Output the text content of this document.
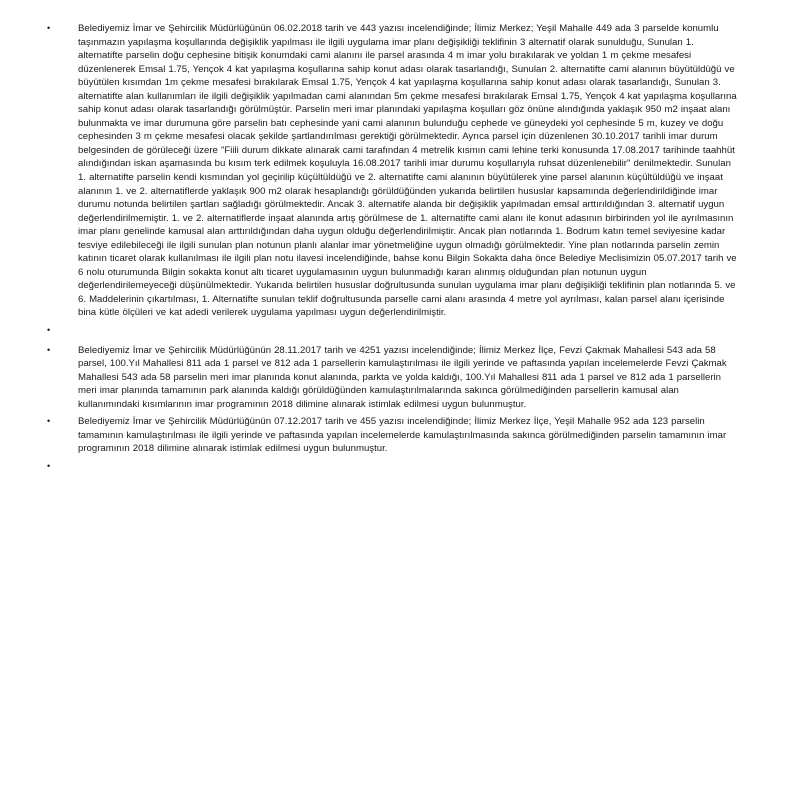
•	Belediyemiz İmar ve Şehircilik Müdürlüğünün 06.02.2018 tarih ve 443 yazısı incelendiğinde; İlimiz Merkez; Yeşil Mahalle 449 ada 3 parselde konumlu taşınmazın yapılaşma koşullarında değişiklik yapılması ile ilgili uygulama imar planı değişikliği teklifinin 3 alternatif olarak sunulduğu, Sunulan 1. alternatifte parselin doğu cephesine bitişik konumdaki cami alanını ile parsel arasında 4 m imar yolu bırakılarak ve yoldan 1 m çekme mesafesi düzenlenerek Emsal 1.75, Yençok 4 kat yapılaşma koşullarına sahip konut adası olarak tasarlandığı, Sunulan 2. alternatifte cami alanının büyütüldüğü ve büyütülen kısımdan 1m çekme mesafesi bırakılarak Emsal 1.75, Yençok 4 kat yapılaşma koşullarına sahip konut adası olarak tasarlandığı, Sunulan 3. alternatifte alan kullanımları ile ilgili değişiklik yapılmadan cami alanından 5m çekme mesafesi bırakılarak Emsal 1.75, Yençok 4 kat yapılaşma koşullarına sahip konut adası olarak tasarlandığı görülmüştür. Parselin meri imar planındaki yapılaşma koşulları göz önüne alındığında yaklaşık 950 m2 inşaat alanı bulunmakta ve imar durumuna göre parselin batı cephesinde yani cami alanının bulunduğu cephede ve güneydeki yol cephesinde 5 m, kuzey ve doğu cephesinden 3 m çekme mesafesi olacak şekilde şartlandırılması gerektiği görülmektedir. Ayrıca parsel için düzenlenen 30.10.2017 tarihli imar durum belgesinden de görüleceği üzere "Fiili durum dikkate alınarak cami tarafından 4 metrelik kısmın cami lehine terki konusunda 17.08.2017 tarihinde taahhüt alındığından iskan aşamasında bu kısım terk edilmek koşuluyla 16.08.2017 tarihli imar durumu koşullarıyla ruhsat düzenlenebilir" denilmektedir. Sunulan 1. alternatifte parselin kendi kısmından yol geçirilip küçültüldüğü ve 2. alternatifte cami alanının büyütülerek yine parsel alanının küçültüldüğü ve inşaat alanının 1. ve 2. alternatiflerde yaklaşık 900 m2 olarak hesaplandığı görüldüğünden yukarıda belirtilen hususlar kapsamında değerlendirildiğinde imar durumu notunda belirtilen şartları sağladığı görülmektedir. Ancak 3. alternatife alanda bir değişiklik yapılmadan emsal arttırıldığından 3. alternatif uygun değerlendirilmemiştir. 1. ve 2. alternatiflerde inşaat alanında artış görülmese de 1. alternatifte cami alanı ile konut adasının birbirinden yol ile ayrılmasının imar planı genelinde kamusal alan arttırıldığından daha uygun olduğu değerlendirilmiştir. Ancak plan notlarında 1. Bodrum katın temel seviyesine kadar tesviye edilebileceği ile ilgili sunulan plan notunun planlı alanlar imar yönetmeliğine uygun olmadığı görülmektedir. Yine plan notlarında parselin zemin katının ticaret olarak kullanılması ile ilgili plan notu ilavesi incelendiğinde, bahse konu Bilgin Sokakta daha önce Belediye Meclisimizin 05.07.2017 tarih ve 6 nolu oturumunda Bilgin sokakta konut altı ticaret uygulamasının uygun bulunmadığı kararı alınmış olduğundan plan notunun uygun değerlendirilemeyeceği düşünülmektedir. Yukarıda belirtilen hususlar doğrultusunda sunulan uygulama imar planı değişikliği teklifinin plan notlarında 5. ve 6. Maddelerinin çıkartılması, 1. Alternatifte sunulan teklif doğrultusunda parselle cami alanı arasında 4 metre yol ayrılması, kalan parsel alanı içerisinde bina kütle ölçüleri ve kat adedi verilerek uygulama yapılması uygun değerlendirilmiştir.
•
•	Belediyemiz İmar ve Şehircilik Müdürlüğünün 28.11.2017 tarih ve 4251 yazısı incelendiğinde; İlimiz Merkez İlçe, Fevzi Çakmak Mahallesi 543 ada 58 parsel, 100.Yıl Mahallesi 811 ada 1 parsel ve 812 ada 1 parsellerin kamulaştırılması ile ilgili yerinde ve paftasında yapılan incelemelerde Fevzi Çakmak Mahallesi 543 ada 58 parselin meri imar planında konut alanında, parkta ve yolda kaldığı, 100.Yıl Mahallesi 811 ada 1 parsel ve 812 ada 1 parsellerin meri imar planında tamamının park alanında kaldığı görüldüğünden kamulaştırılmalarında sakınca görülmediğinden parsellerin kamusal alan kullanımındaki kısımlarının imar programının 2018 dilimine alınarak istimlak edilmesi uygun bulunmuştur.
•	Belediyemiz İmar ve Şehircilik Müdürlüğünün 07.12.2017 tarih ve 455 yazısı incelendiğinde; İlimiz Merkez İlçe, Yeşil Mahalle 952 ada 123 parselin tamamının kamulaştırılması ile ilgili yerinde ve paftasında yapılan incelemelerde kamulaştırılmasında sakınca görülmediğinden parselin tamamının imar programının 2018 dilimine alınarak istimlak edilmesi uygun bulunmuştur.
•
